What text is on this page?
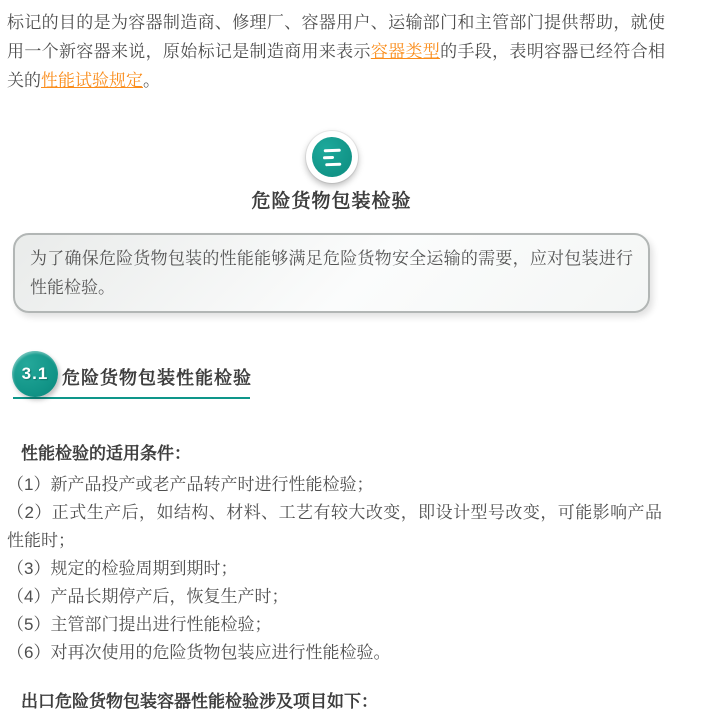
标记的目的是为容器制造商、修理厂、容器用户、运输部门和主管部门提供帮助，就使用一个新容器来说，原始标记是制造商用来表示容器类型的手段，表明容器已经符合相关的性能试验规定。

危险货物包装检验

为了确保危险货物包装的性能能够满足危险货物安全运输的需要，应对包装进行性能检验。

3.1 危险货物包装性能检验
性能检验的适用条件：

（1）新产品投产或老产品转产时进行性能检验；

（2）正式生产后，如结构、材料、工艺有较大改变，即设计型号改变，可能影响产品性能时；

（3）规定的检验周期到期时；

（4）产品长期停产后，恢复生产时；

（5）主管部门提出进行性能检验；

（6）对再次使用的危险货物包装应进行性能检验。

出口危险货物包装容器性能检验涉及项目如下：
